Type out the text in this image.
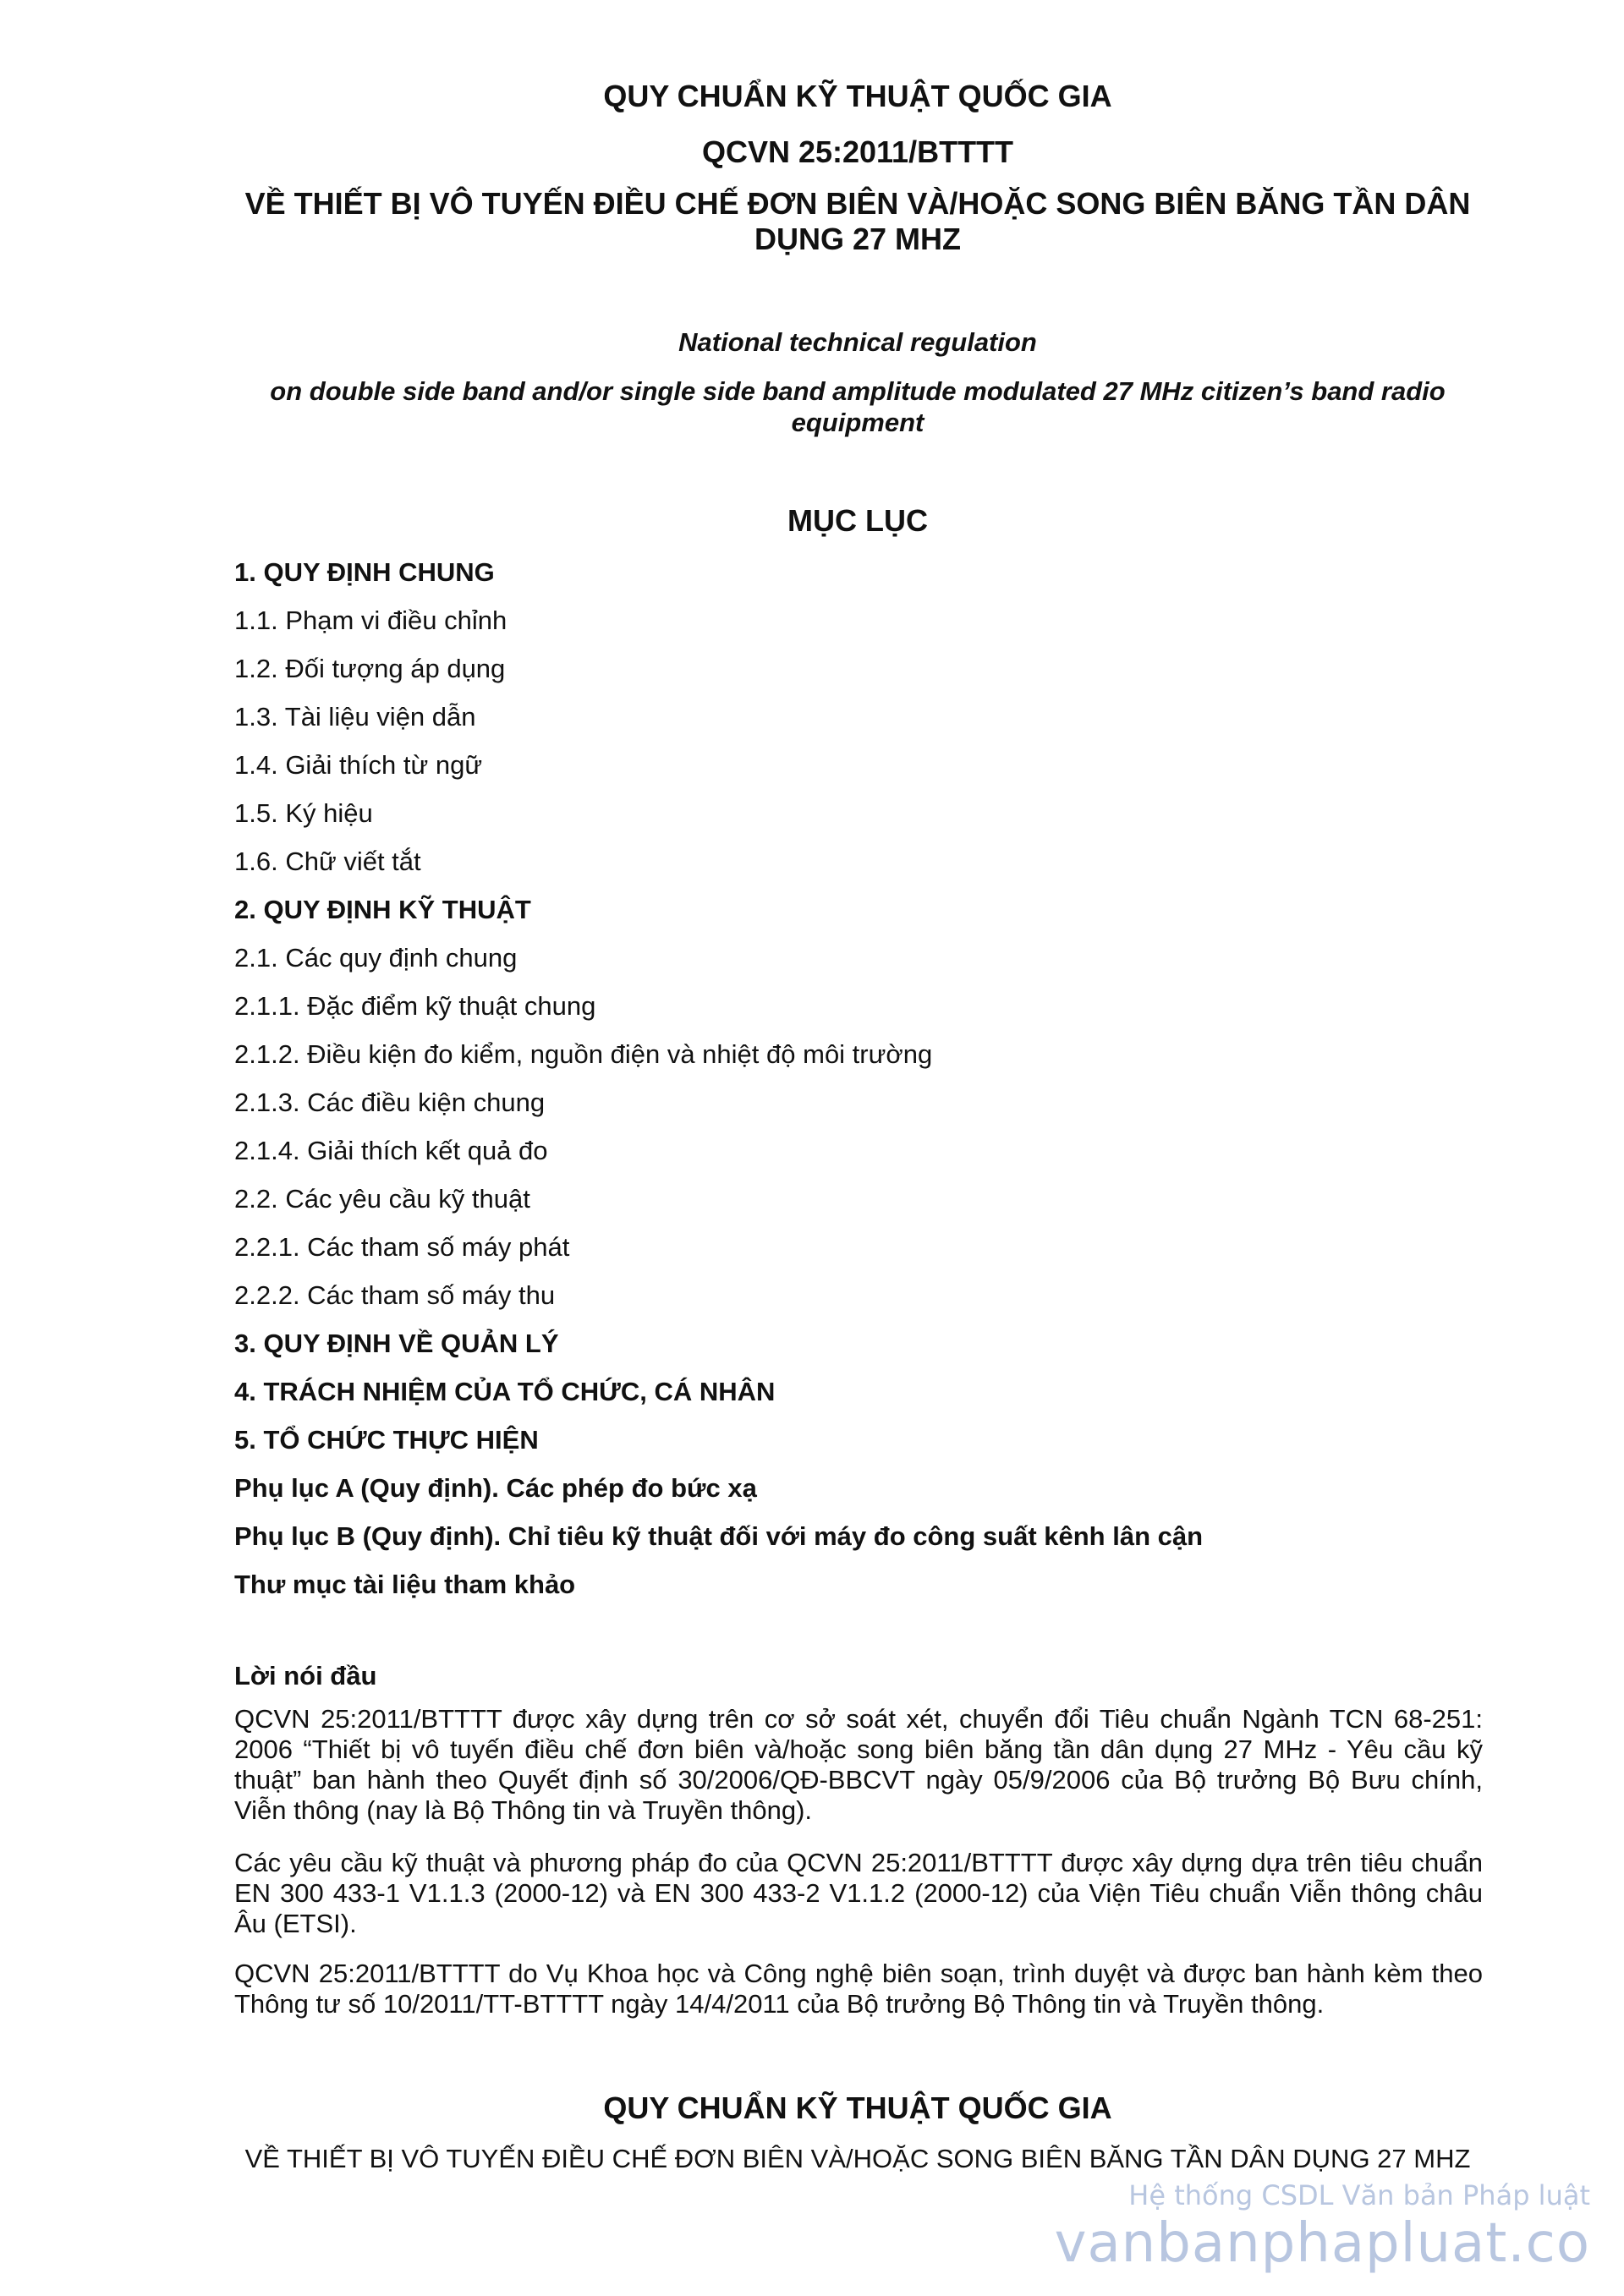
QUY CHUẨN KỸ THUẬT QUỐC GIA

QCVN 25:2011/BTTTT

VỀ THIẾT BỊ VÔ TUYẾN ĐIỀU CHẾ ĐƠN BIÊN VÀ/HOẶC SONG BIÊN BĂNG TẦN DÂN DỤNG 27 MHZ

National technical regulation

on double side band and/or single side band amplitude modulated 27 MHz citizen’s band radio equipment

MỤC LỤC

1. QUY ĐỊNH CHUNG
1.1. Phạm vi điều chỉnh
1.2. Đối tượng áp dụng
1.3. Tài liệu viện dẫn
1.4. Giải thích từ ngữ
1.5. Ký hiệu
1.6. Chữ viết tắt
2. QUY ĐỊNH KỸ THUẬT
2.1. Các quy định chung
2.1.1. Đặc điểm kỹ thuật chung
2.1.2. Điều kiện đo kiểm, nguồn điện và nhiệt độ môi trường
2.1.3. Các điều kiện chung
2.1.4. Giải thích kết quả đo
2.2. Các yêu cầu kỹ thuật
2.2.1. Các tham số máy phát
2.2.2. Các tham số máy thu
3. QUY ĐỊNH VỀ QUẢN LÝ
4. TRÁCH NHIỆM CỦA TỔ CHỨC, CÁ NHÂN
5. TỔ CHỨC THỰC HIỆN
Phụ lục A (Quy định). Các phép đo bức xạ
Phụ lục B (Quy định). Chỉ tiêu kỹ thuật đối với máy đo công suất kênh lân cận
Thư mục tài liệu tham khảo
Lời nói đầu

QCVN 25:2011/BTTTT được xây dựng trên cơ sở soát xét, chuyển đổi Tiêu chuẩn Ngành TCN 68-251: 2006 “Thiết bị vô tuyến điều chế đơn biên và/hoặc song biên băng tần dân dụng 27 MHz - Yêu cầu kỹ thuật” ban hành theo Quyết định số 30/2006/QĐ-BBCVT ngày 05/9/2006 của Bộ trưởng Bộ Bưu chính, Viễn thông (nay là Bộ Thông tin và Truyền thông).

Các yêu cầu kỹ thuật và phương pháp đo của QCVN 25:2011/BTTTT được xây dựng dựa trên tiêu chuẩn EN 300 433-1 V1.1.3 (2000-12) và EN 300 433-2 V1.1.2 (2000-12) của Viện Tiêu chuẩn Viễn thông châu Âu (ETSI).

QCVN 25:2011/BTTTT do Vụ Khoa học và Công nghệ biên soạn, trình duyệt và được ban hành kèm theo Thông tư số 10/2011/TT-BTTTT ngày 14/4/2011 của Bộ trưởng Bộ Thông tin và Truyền thông.

QUY CHUẨN KỸ THUẬT QUỐC GIA

VỀ THIẾT BỊ VÔ TUYẾN ĐIỀU CHẾ ĐƠN BIÊN VÀ/HOẶC SONG BIÊN BĂNG TẦN DÂN DỤNG 27 MHZ

Hệ thống CSDL Văn bản Pháp luật
vanbanphapluat.co
